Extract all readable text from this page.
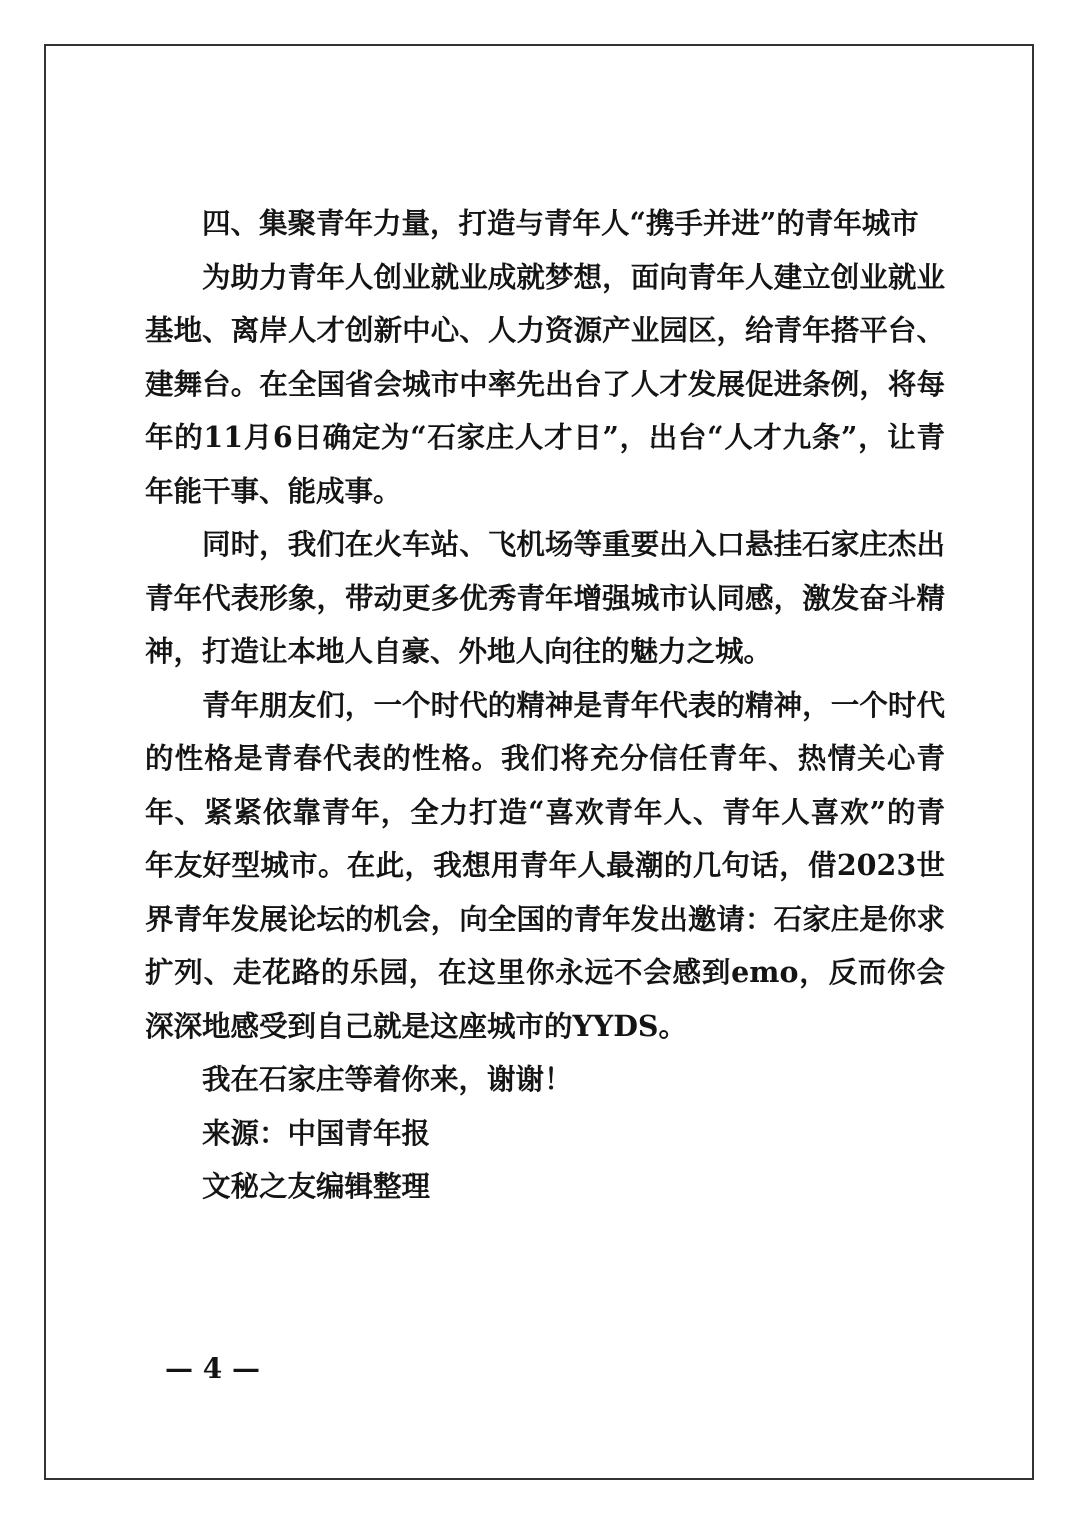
四、集聚青年力量，打造与青年人“携手并进”的青年城市

为助力青年人创业就业成就梦想，面向青年人建立创业就业基地、离岸人才创新中心、人力资源产业园区，给青年搭平台、建舞台。在全国省会城市中率先出台了人才发展促进条例，将每年的11月6日确定为“石家庄人才日”，出台“人才九条”，让青年能干事、能成事。

同时，我们在火车站、飞机场等重要出入口悬挂石家庄杰出青年代表形象，带动更多优秀青年增强城市认同感，激发奋斗精神，打造让本地人自豪、外地人向往的魅力之城。

青年朋友们，一个时代的精神是青年代表的精神，一个时代的性格是青春代表的性格。我们将充分信任青年、热情关心青年、紧紧依靠青年，全力打造“喜欢青年人、青年人喜欢”的青年友好型城市。在此，我想用青年人最潮的几句话，借2023世界青年发展论坛的机会，向全国的青年发出邀请：石家庄是你求扩列、走花路的乐园，在这里你永远不会感到emo，反而你会深深地感受到自己就是这座城市的YYDS。

我在石家庄等着你来，谢谢！

来源：中国青年报

文秘之友编辑整理

— 4 —
